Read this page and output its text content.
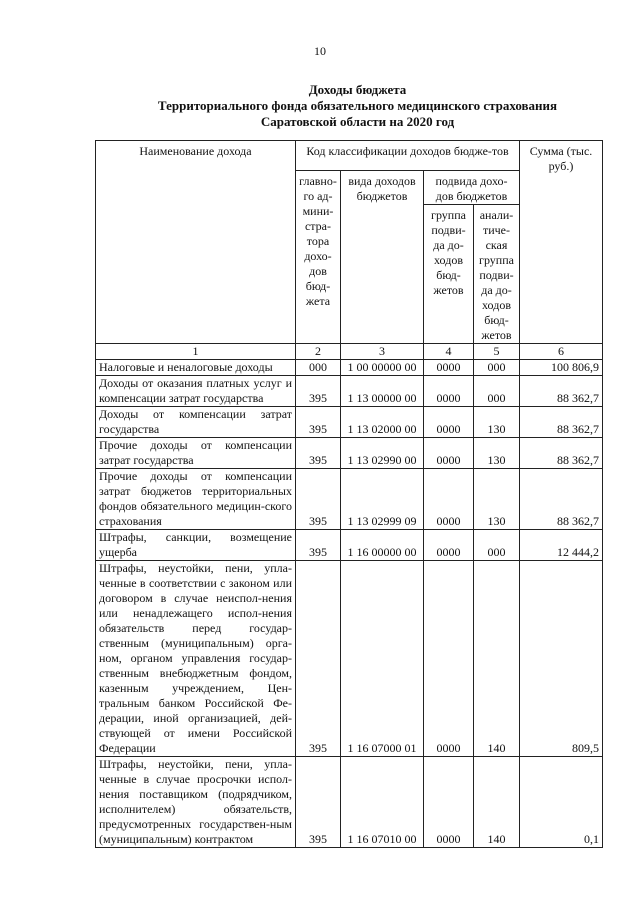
10
Доходы бюджета
Территориального фонда обязательного медицинского страхования
Саратовской области на 2020 год
Наименование дохода	Код классификации доходов бюдже-тов				Сумма (тыс. руб.)
	главно-го ад-мини-стра-тора дохо-дов бюд-жета	вида доходов бюджетов	подвида дохо-дов бюджетов		
			группа подви-да до-ходов бюд-жетов	анали-тиче-ская группа подви-да до-ходов бюд-жетов	
1	2	3	4	5	6
Налоговые и неналоговые доходы	000	1 00 00000 00	0000	000	100 806,9
Доходы от оказания платных услуг и компенсации затрат государства	395	1 13 00000 00	0000	000	88 362,7
Доходы от компенсации затрат государства	395	1 13 02000 00	0000	130	88 362,7
Прочие доходы от компенсации затрат государства	395	1 13 02990 00	0000	130	88 362,7
Прочие доходы от компенсации затрат бюджетов территориальных фондов обязательного медицин-ского страхования	395	1 13 02999 09	0000	130	88 362,7
Штрафы, санкции, возмещение ущерба	395	1 16 00000 00	0000	000	12 444,2
Штрафы, неустойки, пени, упла-ченные в соответствии с законом или договором в случае неиспол-нения или ненадлежащего испол-нения обязательств перед государ-ственным (муниципальным) орга-ном, органом управления государ-ственным внебюджетным фондом, казенным учреждением, Цен-тральным банком Российской Фе-дерации, иной организацией, дей-ствующей от имени Российской Федерации	395	1 16 07000 01	0000	140	809,5
Штрафы, неустойки, пени, упла-ченные в случае просрочки испол-нения поставщиком (подрядчиком, исполнителем) обязательств, предусмотренных государствен-ным (муниципальным) контрактом	395	1 16 07010 00	0000	140	0,1
